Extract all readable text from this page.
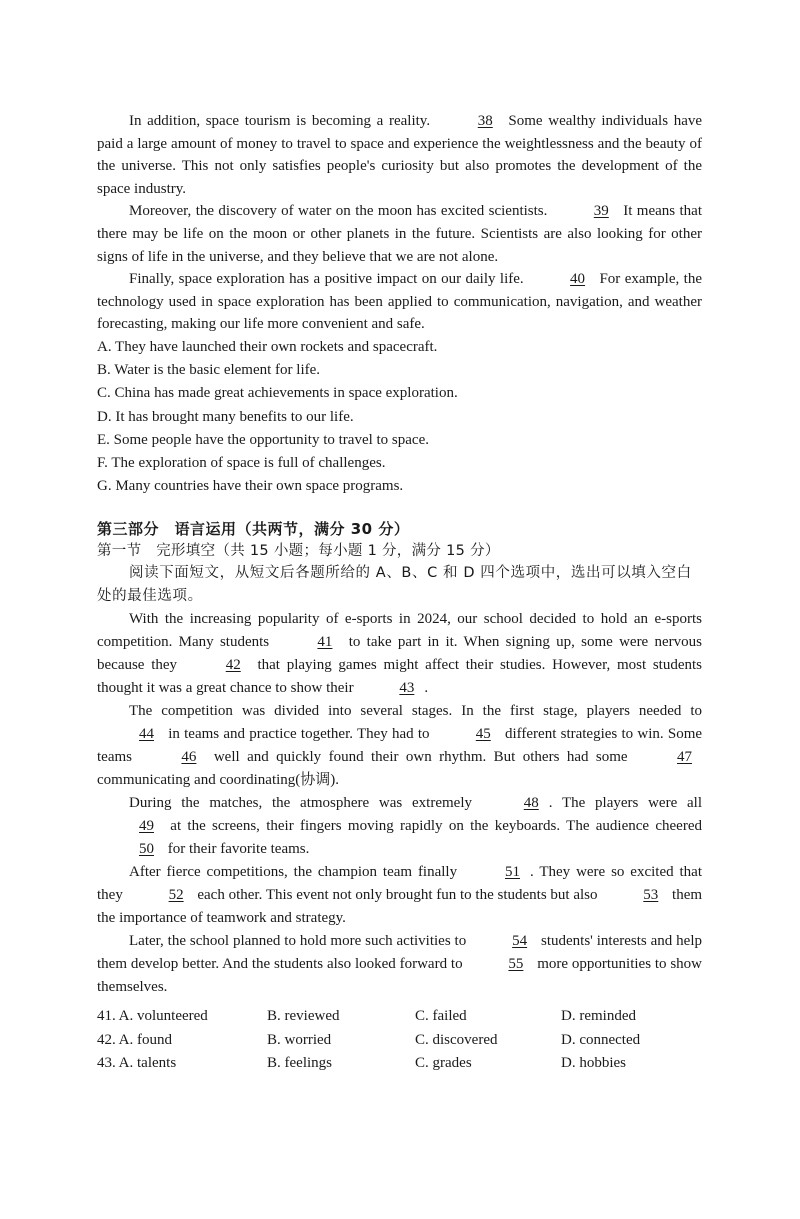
In addition, space tourism is becoming a reality.	38 Some wealthy individuals have paid a large amount of money to travel to space and experience the weightlessness and the beauty of the universe. This not only satisfies people's curiosity but also promotes the development of the space industry.

Moreover, the discovery of water on the moon has excited scientists.	39 It means that there may be life on the moon or other planets in the future. Scientists are also looking for other signs of life in the universe, and they believe that we are not alone.

Finally, space exploration has a positive impact on our daily life.	40 For example, the technology used in space exploration has been applied to communication, navigation, and weather forecasting, making our life more convenient and safe.

A. They have launched their own rockets and spacecraft.

B. Water is the basic element for life.

C. China has made great achievements in space exploration.

D. It has brought many benefits to our life.

E. Some people have the opportunity to travel to space.

F. The exploration of space is full of challenges.

G. Many countries have their own space programs.

第三部分　语言运用（共两节，满分 30 分）

第一节　完形填空（共 15 小题；每小题 1 分，满分 15 分）

阅读下面短文，从短文后各题所给的 A、B、C 和 D 四个选项中，选出可以填入空白处的最佳选项。

With the increasing popularity of e-sports in 2024, our school decided to hold an e-sports competition. Many students	41 to take part in it. When signing up, some were nervous because they	42 that playing games might affect their studies. However, most students thought it was a great chance to show their	43 .

The competition was divided into several stages. In the first stage, players needed to 44 in teams and practice together. They had to	45 different strategies to win. Some teams	46 well and quickly found their own rhythm. But others had some	47 communicating and coordinating(协调).

During the matches, the atmosphere was extremely	48 . The players were all 49 at the screens, their fingers moving rapidly on the keyboards. The audience cheered 50 for their favorite teams.

After fierce competitions, the champion team finally	51 . They were so excited that they	52 each other. This event not only brought fun to the students but also	53 them the importance of teamwork and strategy.

Later, the school planned to hold more such activities to	54 students' interests and help them develop better. And the students also looked forward to	55 more opportunities to show themselves.

41. A. volunteered	B. reviewed	C. failed	D. reminded
42. A. found	B. worried	C. discovered	D. connected
43. A. talents	B. feelings	C. grades	D. hobbies
